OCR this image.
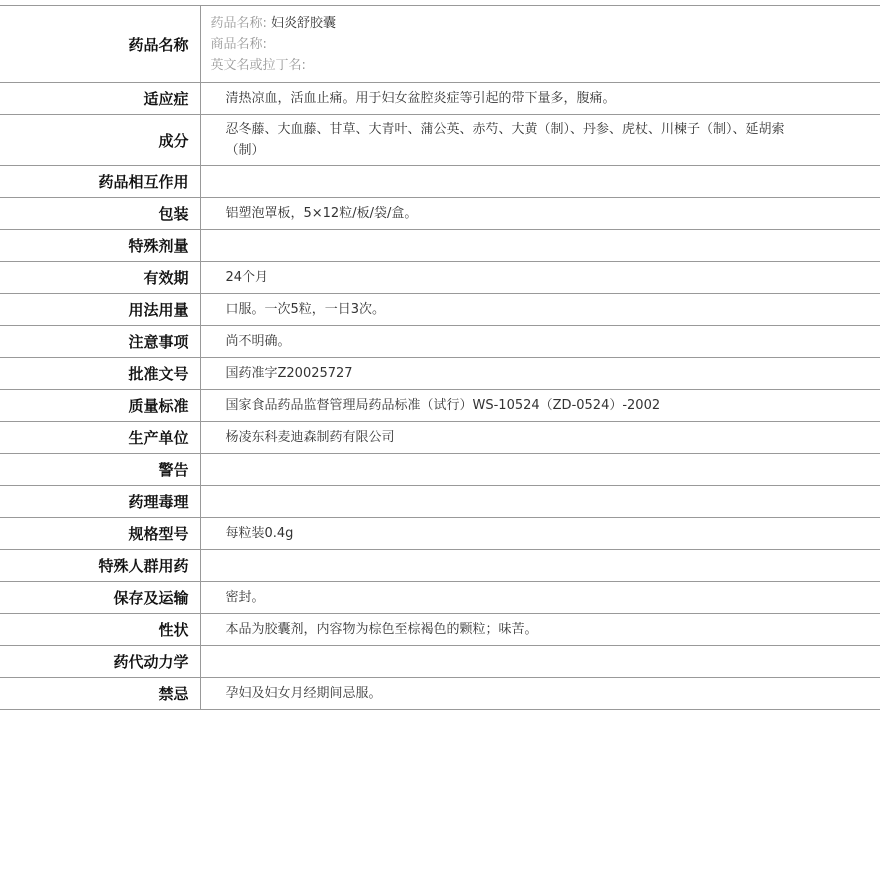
药品名称	药品名称: 妇炎舒胶囊
商品名称:
英文名或拉丁名:

适应症	清热凉血，活血止痛。用于妇女盆腔炎症等引起的带下量多，腹痛。
成分	忍冬藤、大血藤、甘草、大青叶、蒲公英、赤芍、大黄（制）、丹参、虎杖、川楝子（制）、延胡索（制）
药品相互作用	
包装	铝塑泡罩板，5×12粒/板/袋/盒。
特殊剂量	
有效期	24个月
用法用量	口服。一次5粒，一日3次。
注意事项	尚不明确。
批准文号	国药准字Z20025727
质量标准	国家食品药品监督管理局药品标准（试行）WS-10524（ZD-0524）-2002
生产单位	杨凌东科麦迪森制药有限公司
警告	
药理毒理	
规格型号	每粒装0.4g
特殊人群用药	
保存及运输	密封。
性状	本品为胶囊剂，内容物为棕色至棕褐色的颗粒；味苦。
药代动力学	
禁忌	孕妇及妇女月经期间忌服。
